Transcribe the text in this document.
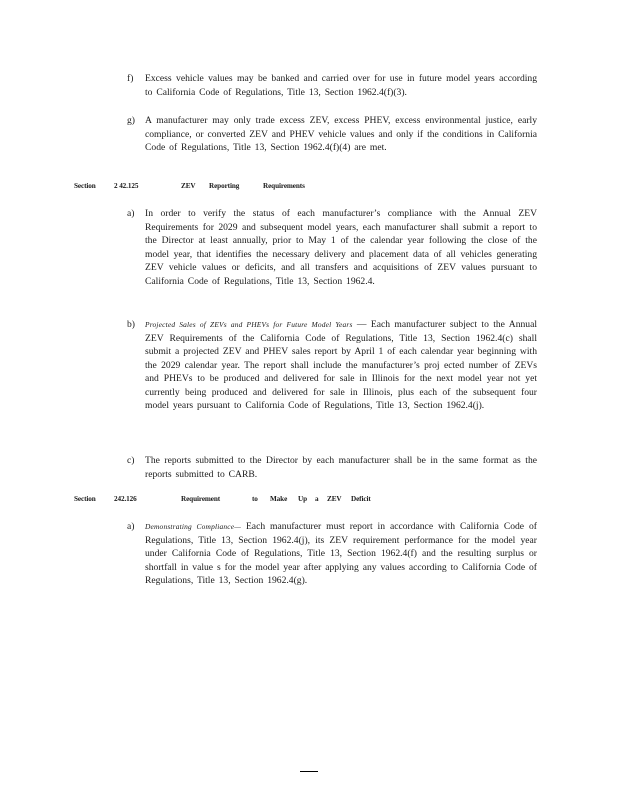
f) Excess vehicle values may be banked and carried over for use in future model years according to California Code of Regulations, Title 13, Section 1962.4(f)(3).
g) A manufacturer may only trade excess ZEV, excess PHEV, excess environmental justice, early compliance, or converted ZEV and PHEV vehicle values and only if the conditions in California Code of Regulations, Title 13, Section 1962.4(f)(4) are met.
Section	2 42.125	ZEV Reporting	Requirements
a) In order to verify the status of each manufacturer’s compliance with the Annual ZEV Requirements for 2029 and subsequent model years, each manufacturer shall submit a report to the Director at least annually, prior to May 1 of the calendar year following the close of the model year, that identifies the necessary delivery and placement data of all vehicles generating ZEV vehicle values or deficits, and all transfers and acquisitions of ZEV values pursuant to California Code of Regulations, Title 13, Section 1962.4.
b) Projected Sales of ZEVs and PHEVs for Future Model Years — Each manufacturer subject to the Annual ZEV Requirements of the California Code of Regulations, Title 13, Section 1962.4(c) shall submit a projected ZEV and PHEV sales report by April 1 of each calendar year beginning with the 2029 calendar year. The report shall include the manufacturer’s proj ected number of ZEVs and PHEVs to be produced and delivered for sale in Illinois for the next model year not yet currently being produced and delivered for sale in Illinois, plus each of the subsequent four model years pursuant to California Code of Regulations, Title 13, Section 1962.4(j).
c) The reports submitted to the Director by each manufacturer shall be in the same format as the reports submitted to CARB.
Section	242.126	Requirement	to Make Up a ZEV Deficit
a) Demonstrating Compliance— Each manufacturer must report in accordance with California Code of Regulations, Title 13, Section 1962.4(j), its ZEV requirement performance for the model year under California Code of Regulations, Title 13, Section 1962.4(f) and the resulting surplus or shortfall in value s for the model year after applying any values according to California Code of Regulations, Title 13, Section 1962.4(g).
